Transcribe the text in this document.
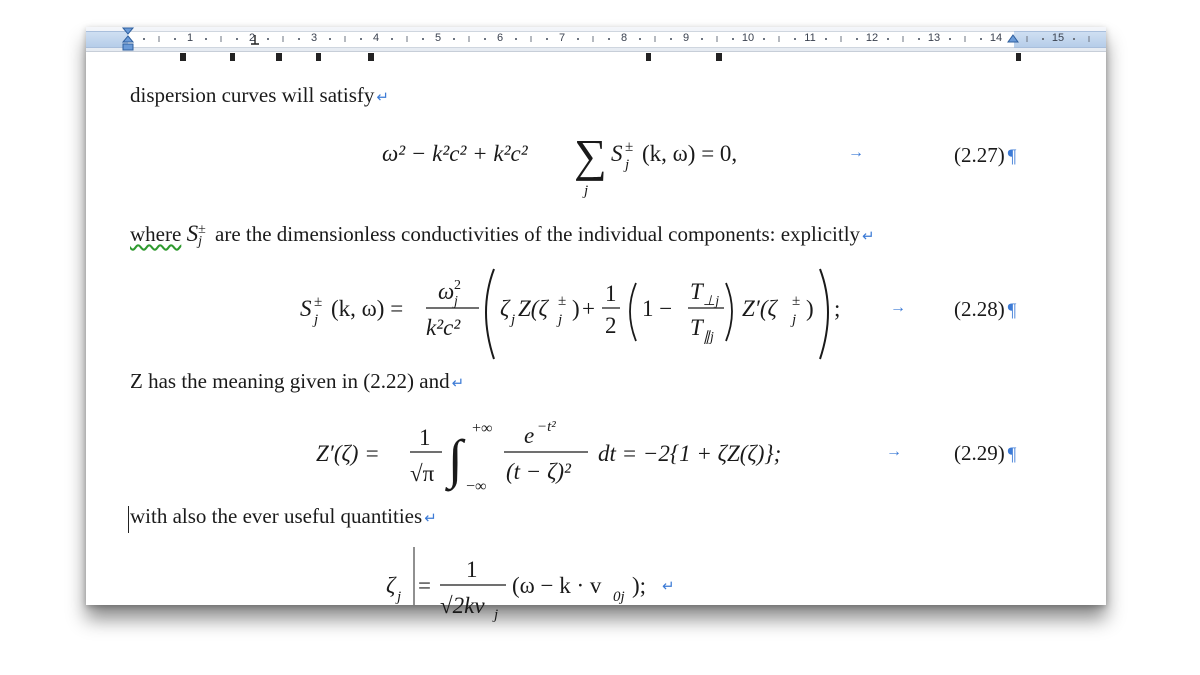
1	2	3	4	5	6	7	8	9	10	11	12	13	14	15
dispersion curves will satisfy ↵
ω² − k²c² + k²c² ∑
j
S ±
j (k, ω) = 0,	→	(2.27) ¶
where S ±
j are the dimensionless conductivities of the individual components: explicitly ↵
S ±
j (k, ω) =
ω 2
j
k²c²
ζ j Z(ζ ±
j ) +
1
2
1 −
T ⊥j
T ∥j
Z′(ζ ±
j ) ;	→ (2.28) ¶
Z has the meaning given in (2.22) and ↵
Z′(ζ) =
1
√π ∫
+∞
−∞
e −t²
(t − ζ)²
dt = −2{1 + ζZ(ζ)};	→ (2.29) ¶
with also the ever useful quantities ↵
ζ j =
1
√2kv j
(ω − k · v 0j ); ↵
